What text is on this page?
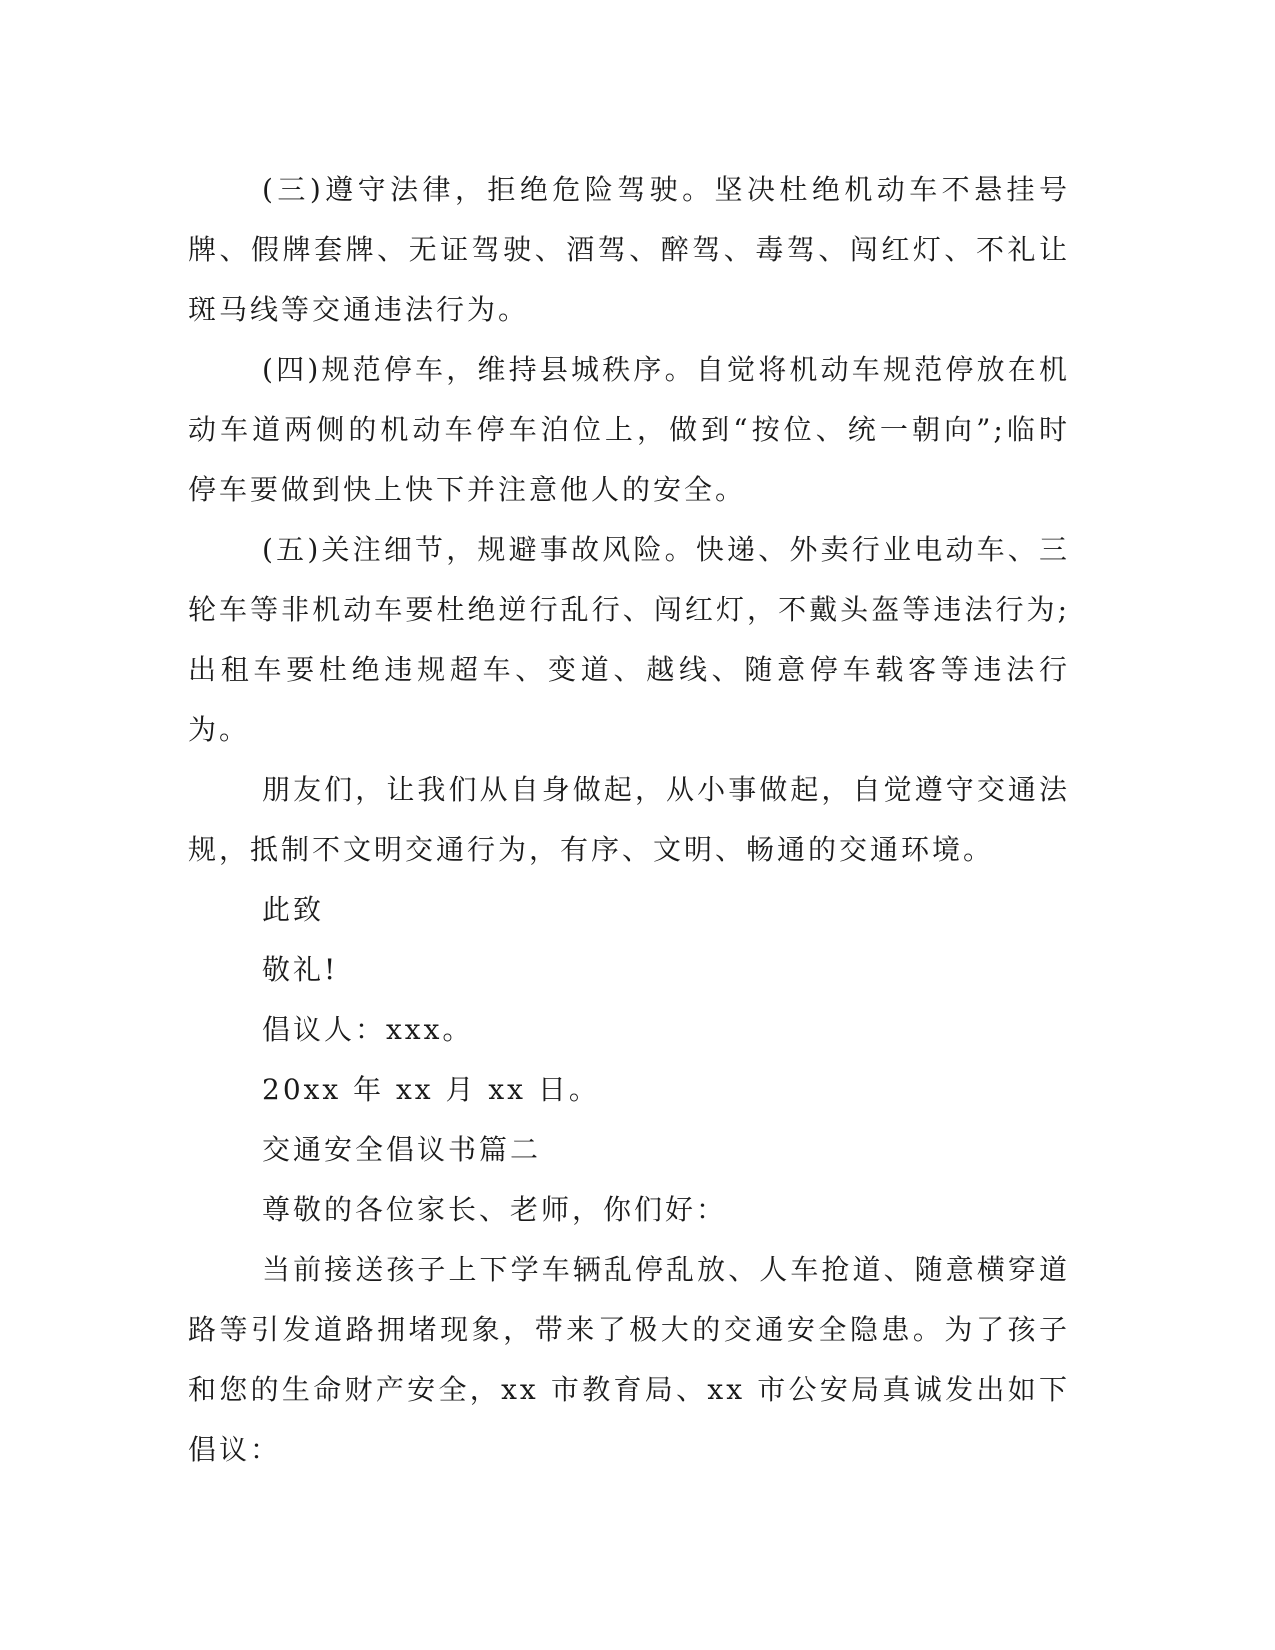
(三)遵守法律，拒绝危险驾驶。坚决杜绝机动车不悬挂号牌、假牌套牌、无证驾驶、酒驾、醉驾、毒驾、闯红灯、不礼让斑马线等交通违法行为。

(四)规范停车，维持县城秩序。自觉将机动车规范停放在机动车道两侧的机动车停车泊位上，做到“按位、统一朝向”;临时停车要做到快上快下并注意他人的安全。

(五)关注细节，规避事故风险。快递、外卖行业电动车、三轮车等非机动车要杜绝逆行乱行、闯红灯，不戴头盔等违法行为;出租车要杜绝违规超车、变道、越线、随意停车载客等违法行为。

朋友们，让我们从自身做起，从小事做起，自觉遵守交通法规，抵制不文明交通行为，有序、文明、畅通的交通环境。

此致

敬礼!

倡议人：xxx。

20xx 年 xx 月 xx 日。

交通安全倡议书篇二

尊敬的各位家长、老师，你们好：

当前接送孩子上下学车辆乱停乱放、人车抢道、随意横穿道路等引发道路拥堵现象，带来了极大的交通安全隐患。为了孩子和您的生命财产安全，xx 市教育局、xx 市公安局真诚发出如下倡议：
